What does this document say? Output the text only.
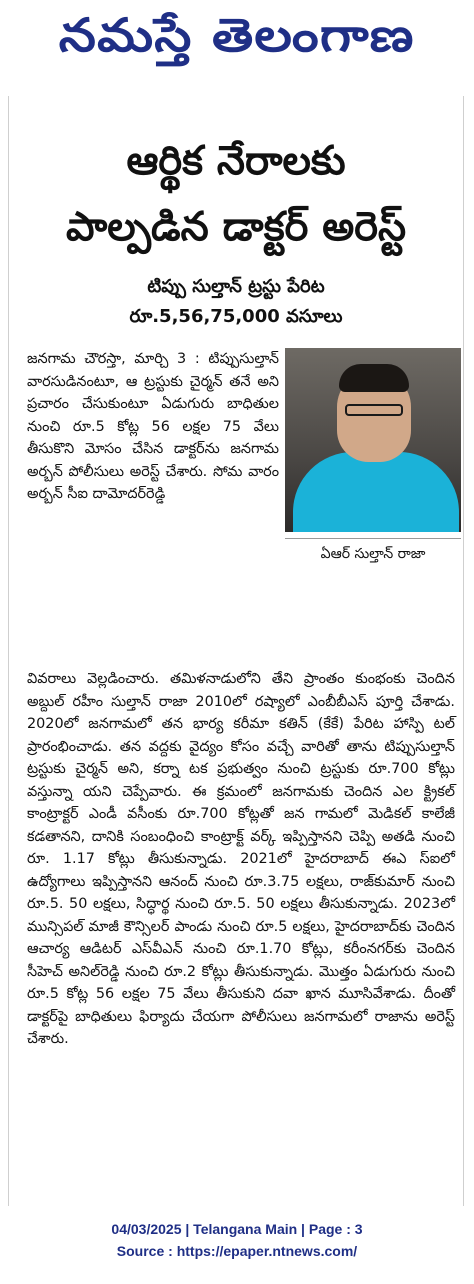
నమస్తే తెలంగాణ
ఆర్థిక నేరాలకు
పాల్పడిన డాక్టర్ అరెస్ట్
టిప్పు సుల్తాన్ ట్రస్టు పేరిట
రూ.5,56,75,000 వసూలు
ఏఆర్ సుల్తాన్ రాజా
జనగామ చౌరస్తా, మార్చి 3 : టిప్పుసుల్తాన్ వారసుడినంటూ, ఆ ట్రస్టుకు చైర్మన్ తనే అని ప్రచారం చేసుకుంటూ ఏడుగురు బాధితుల నుంచి రూ.5 కోట్ల 56 లక్షల 75 వేలు తీసుకొని మోసం చేసిన డాక్టర్‌ను జనగామ అర్బన్ పోలీసులు అరెస్ట్ చేశారు. సోమ వారం అర్బన్ సీఐ దామోదర్‌రెడ్డి
వివరాలు వెల్లడించారు. తమిళనాడులోని తేని ప్రాంతం కుంభంకు చెందిన అబ్దుల్ రహీం సుల్తాన్ రాజా 2010లో రష్యాలో ఎంబీబీఎస్ పూర్తి చేశాడు. 2020లో జనగామలో తన భార్య కరీమా కతిన్ (కేకే) పేరిట హాస్పి టల్ ప్రారంభించాడు. తన వద్దకు వైద్యం కోసం వచ్చే వారితో తాను టిప్పుసుల్తాన్ ట్రస్టుకు చైర్మన్ అని, కర్నా టక ప్రభుత్వం నుంచి ట్రస్టుకు రూ.700 కోట్లు వస్తున్నా యని చెప్పేవారు. ఈ క్రమంలో జనగామకు చెందిన ఎల క్ట్రికల్ కాంట్రాక్టర్ ఎండీ వసీంకు రూ.700 కోట్లతో జన గామలో మెడికల్ కాలేజీ కడతానని, దానికి సంబంధించి కాంట్రాక్ట్ వర్క్ ఇప్పిస్తానని చెప్పి అతడి నుంచి రూ. 1.17 కోట్లు తీసుకున్నాడు. 2021లో హైదరాబాద్ ఈఎ స్ఐలో ఉద్యోగాలు ఇప్పిస్తానని ఆనంద్ నుంచి రూ.3.75 లక్షలు, రాజ్‌కుమార్ నుంచి రూ.5. 50 లక్షలు, సిద్ధార్థ నుంచి రూ.5. 50 లక్షలు తీసుకున్నాడు. 2023లో మున్సిపల్ మాజీ కౌన్సిలర్ పాండు నుంచి రూ.5 లక్షలు, హైదరాబాద్‌కు చెందిన ఆచార్య ఆడిటర్ ఎస్‌వీఎన్ నుంచి రూ.1.70 కోట్లు, కరీంనగర్‌కు చెందిన సీహెచ్ అనిల్‌రెడ్డి నుంచి రూ.2 కోట్లు తీసుకున్నాడు. మొత్తం ఏడుగురు నుంచి రూ.5 కోట్ల 56 లక్షల 75 వేలు తీసుకుని దవా ఖాన మూసివేశాడు. దీంతో డాక్టర్‌పై బాధితులు ఫిర్యాదు చేయగా పోలీసులు జనగామలో రాజాను అరెస్ట్ చేశారు.
04/03/2025 | Telangana Main | Page : 3
Source : https://epaper.ntnews.com/
